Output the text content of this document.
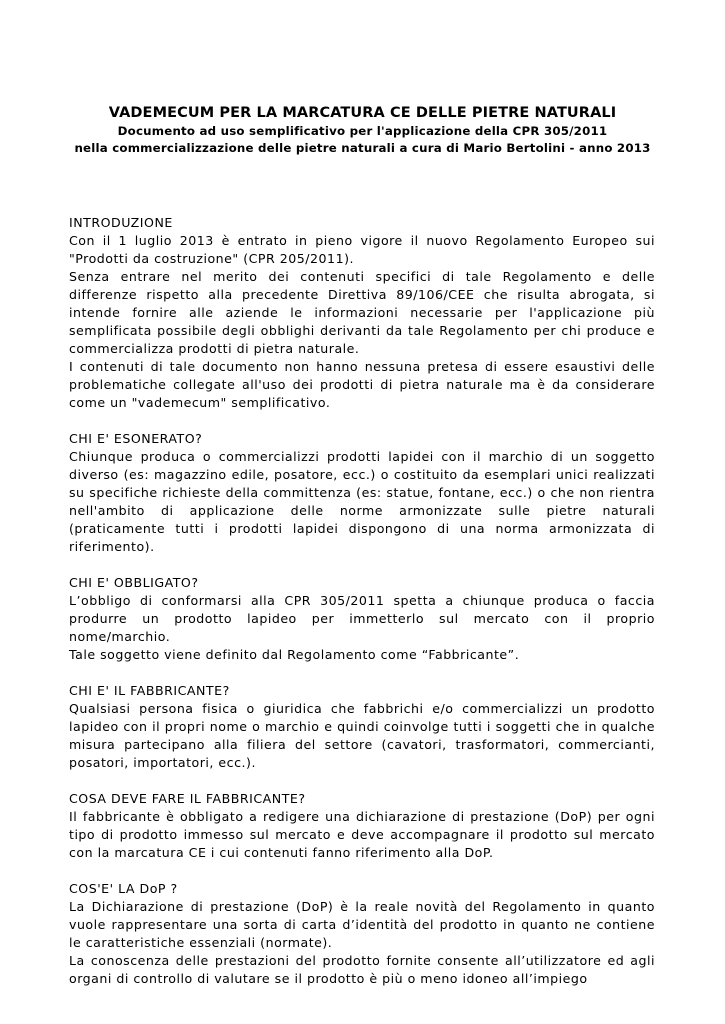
VADEMECUM PER LA MARCATURA CE DELLE PIETRE NATURALI

Documento ad uso semplificativo per l'applicazione della CPR 305/2011

nella commercializzazione delle pietre naturali a cura di Mario Bertolini - anno 2013

INTRODUZIONE

Con il 1 luglio 2013 è entrato in pieno vigore il nuovo Regolamento Europeo sui "Prodotti da costruzione" (CPR 205/2011).

Senza entrare nel merito dei contenuti specifici di tale Regolamento e delle differenze rispetto alla precedente Direttiva 89/106/CEE che risulta abrogata, si intende fornire alle aziende le informazioni necessarie per l'applicazione più semplificata possibile degli obblighi derivanti da tale Regolamento per chi produce e commercializza prodotti di pietra naturale.

I contenuti di tale documento non hanno nessuna pretesa di essere esaustivi delle problematiche collegate all'uso dei prodotti di pietra naturale ma è da considerare come un "vademecum" semplificativo.

CHI E' ESONERATO?

Chiunque produca o commercializzi prodotti lapidei con il marchio di un soggetto diverso (es: magazzino edile, posatore, ecc.) o costituito da esemplari unici realizzati su specifiche richieste della committenza (es: statue, fontane, ecc.) o che non rientra nell'ambito di applicazione delle norme armonizzate sulle pietre naturali (praticamente tutti i prodotti lapidei dispongono di una norma armonizzata di riferimento).

CHI E' OBBLIGATO?

L’obbligo di conformarsi alla CPR 305/2011 spetta a chiunque produca o faccia produrre un prodotto lapideo per immetterlo sul mercato con il proprio nome/marchio.

Tale soggetto viene definito dal Regolamento come “Fabbricante”.

CHI E' IL FABBRICANTE?

Qualsiasi persona fisica o giuridica che fabbrichi e/o commercializzi un prodotto lapideo con il propri nome o marchio e quindi coinvolge tutti i soggetti che in qualche misura partecipano alla filiera del settore (cavatori, trasformatori, commercianti, posatori, importatori, ecc.).

COSA DEVE FARE IL FABBRICANTE?

Il fabbricante è obbligato a redigere una dichiarazione di prestazione (DoP) per ogni tipo di prodotto immesso sul mercato e deve accompagnare il prodotto sul mercato con la marcatura CE i cui contenuti fanno riferimento alla DoP.

COS'E' LA DoP ?

La Dichiarazione di prestazione (DoP) è la reale novità del Regolamento in quanto vuole rappresentare una sorta di carta d’identità del prodotto in quanto ne contiene le caratteristiche essenziali (normate).

La conoscenza delle prestazioni del prodotto fornite consente all’utilizzatore ed agli organi di controllo di valutare se il prodotto è più o meno idoneo all’impiego
